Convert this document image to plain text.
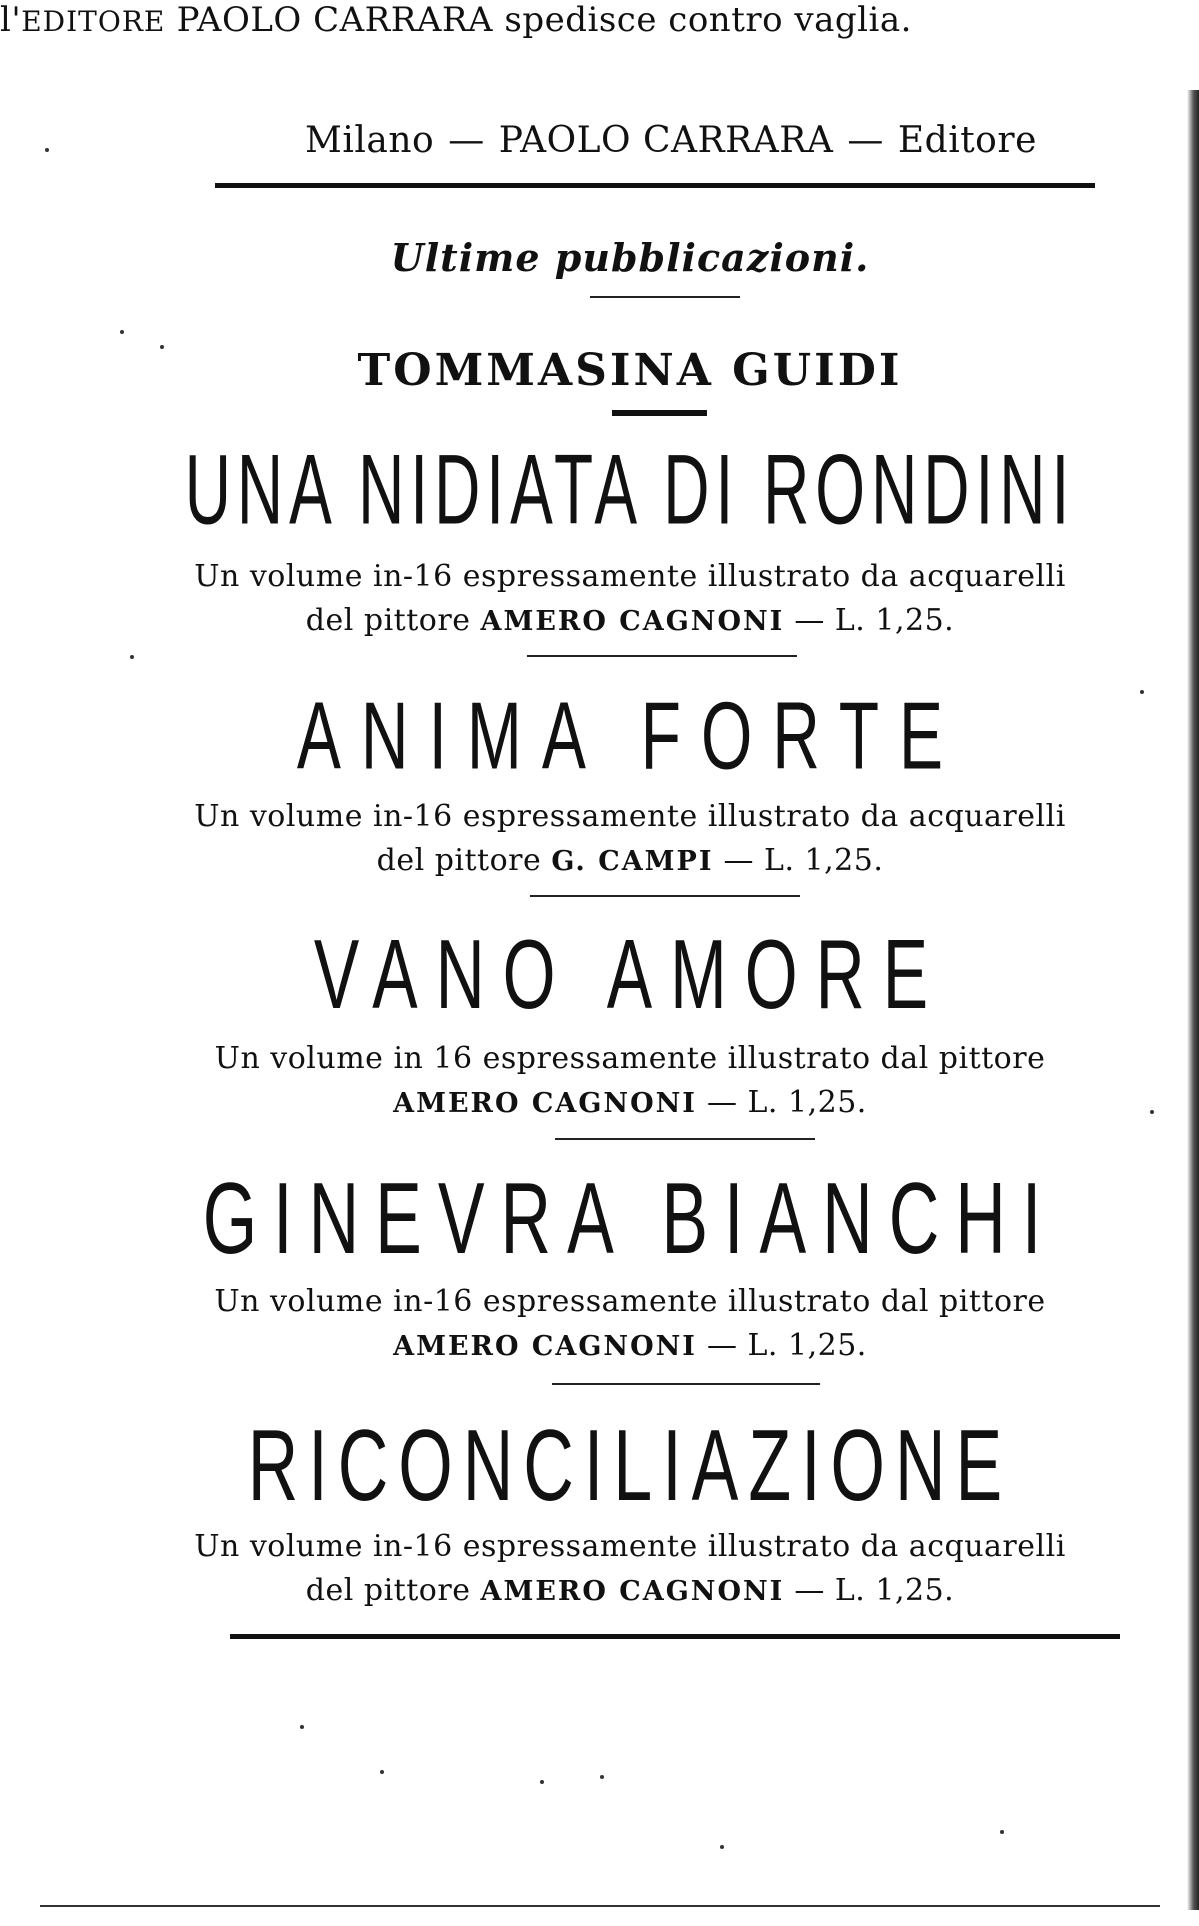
Milano — PAOLO CARRARA — Editore
Ultime pubblicazioni.
TOMMASINA GUIDI
UNA NIDIATA DI RONDINI
Un volume in-16 espressamente illustrato da acquarelli
del pittore AMERO CAGNONI — L. 1,25.
ANIMA FORTE
Un volume in-16 espressamente illustrato da acquarelli
del pittore G. CAMPI — L. 1,25.
VANO AMORE
Un volume in 16 espressamente illustrato dal pittore
AMERO CAGNONI — L. 1,25.
GINEVRA BIANCHI
Un volume in-16 espressamente illustrato dal pittore
AMERO CAGNONI — L. 1,25.
RICONCILIAZIONE
Un volume in-16 espressamente illustrato da acquarelli
del pittore AMERO CAGNONI — L. 1,25.
l'EDITORE PAOLO CARRARA spedisce contro vaglia.
